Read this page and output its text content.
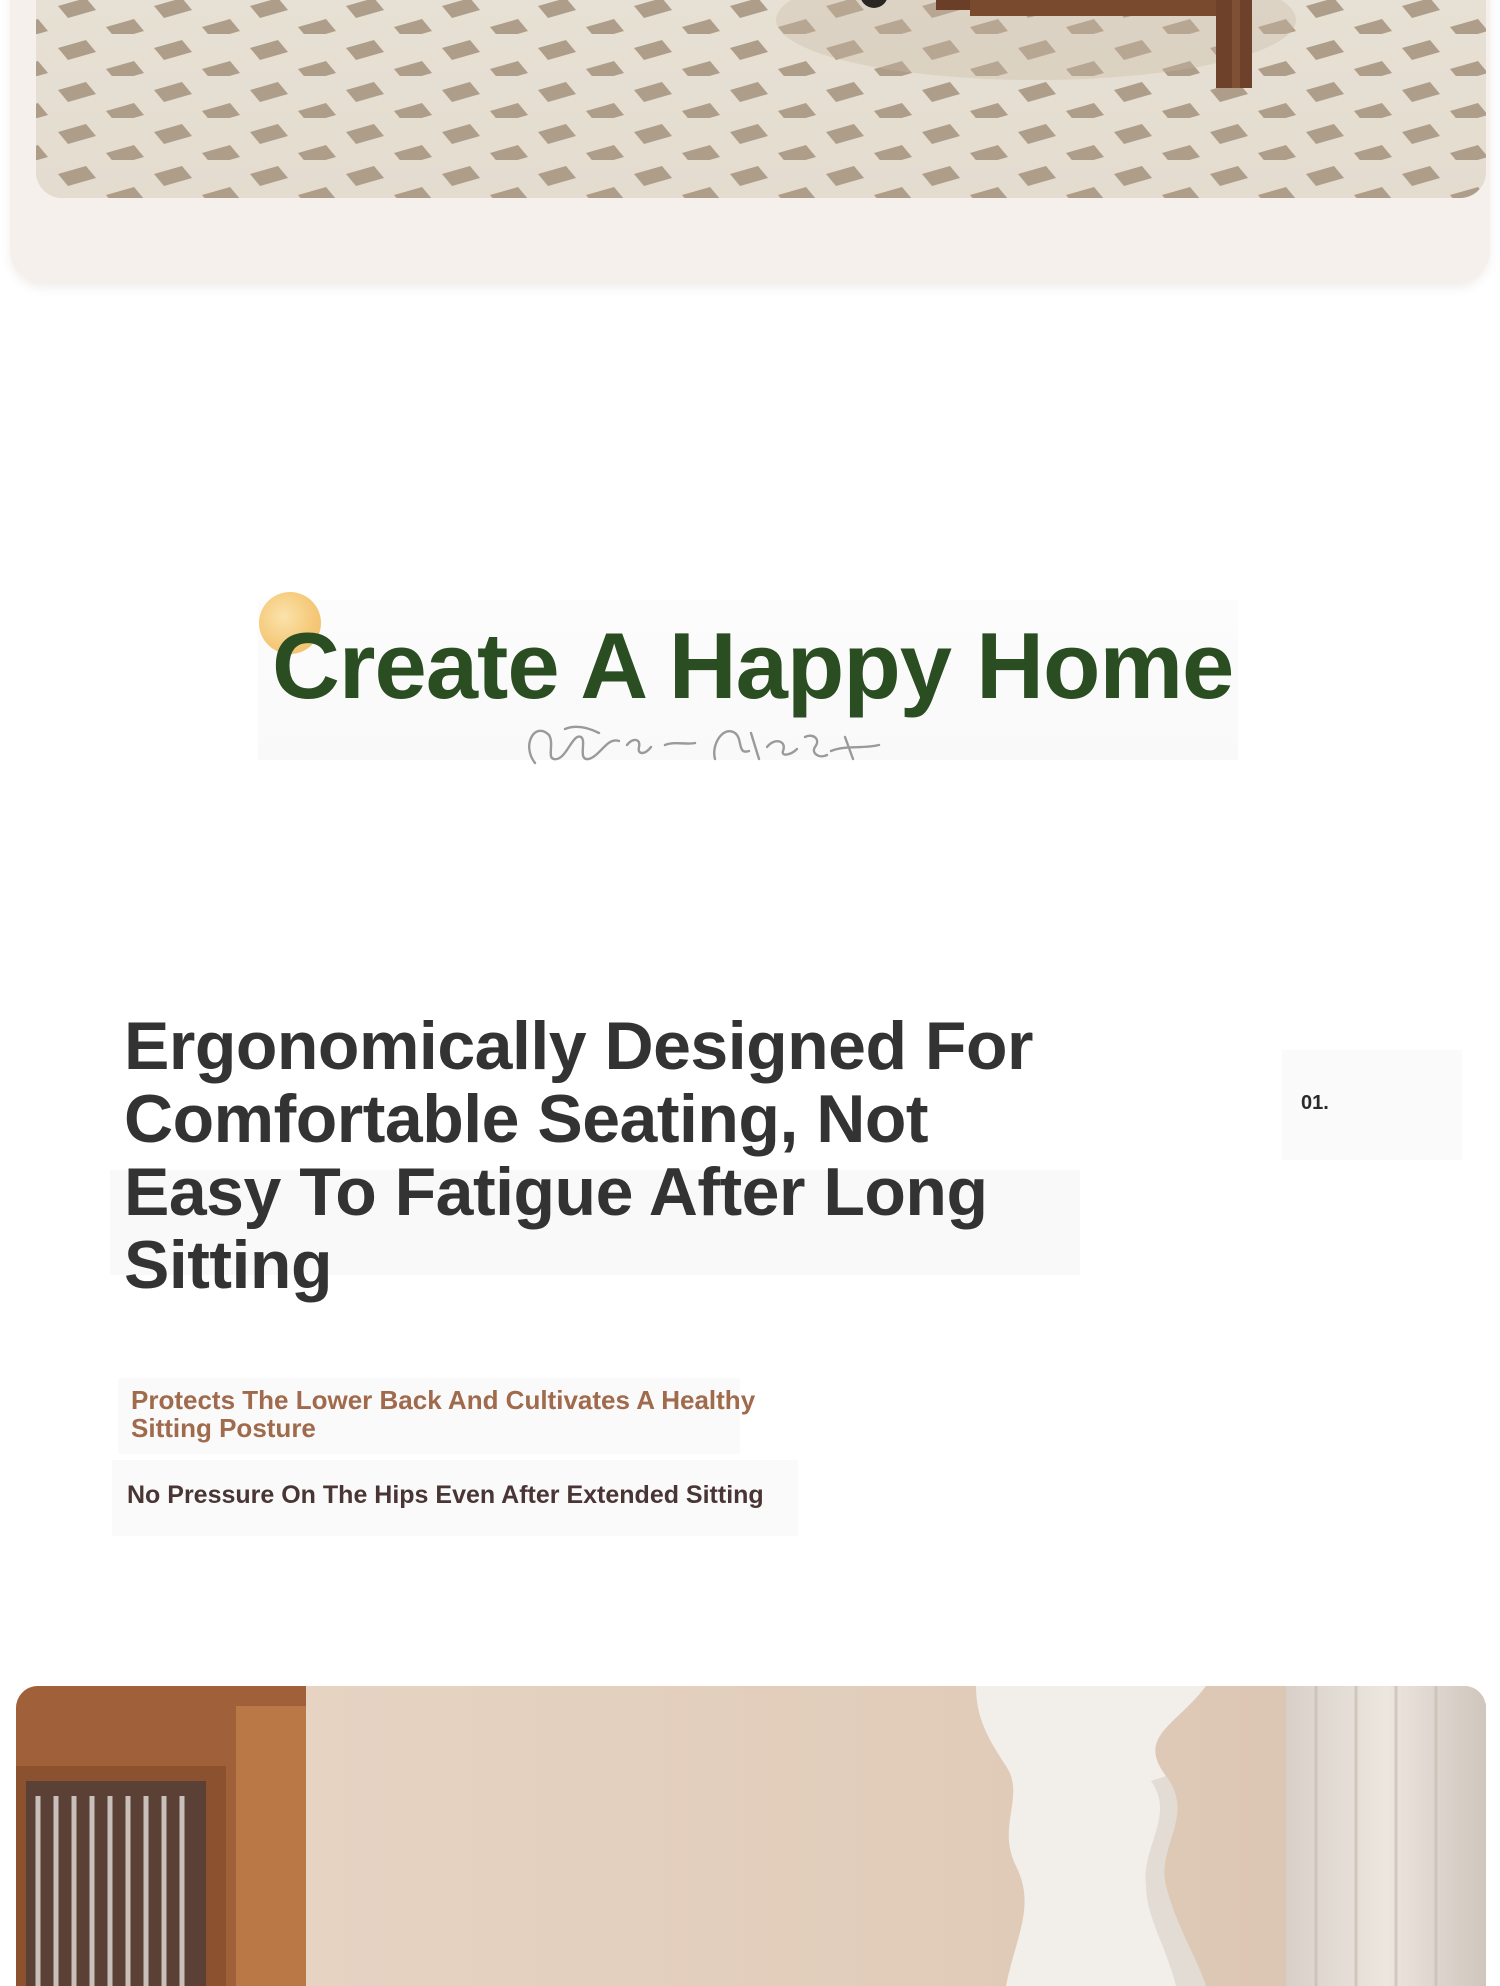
Create A Happy Home
Ergonomically Designed For Comfortable Seating, Not Easy To Fatigue After Long Sitting
01.

Protects The Lower Back And Cultivates A Healthy Sitting Posture

No Pressure On The Hips Even After Extended Sitting
